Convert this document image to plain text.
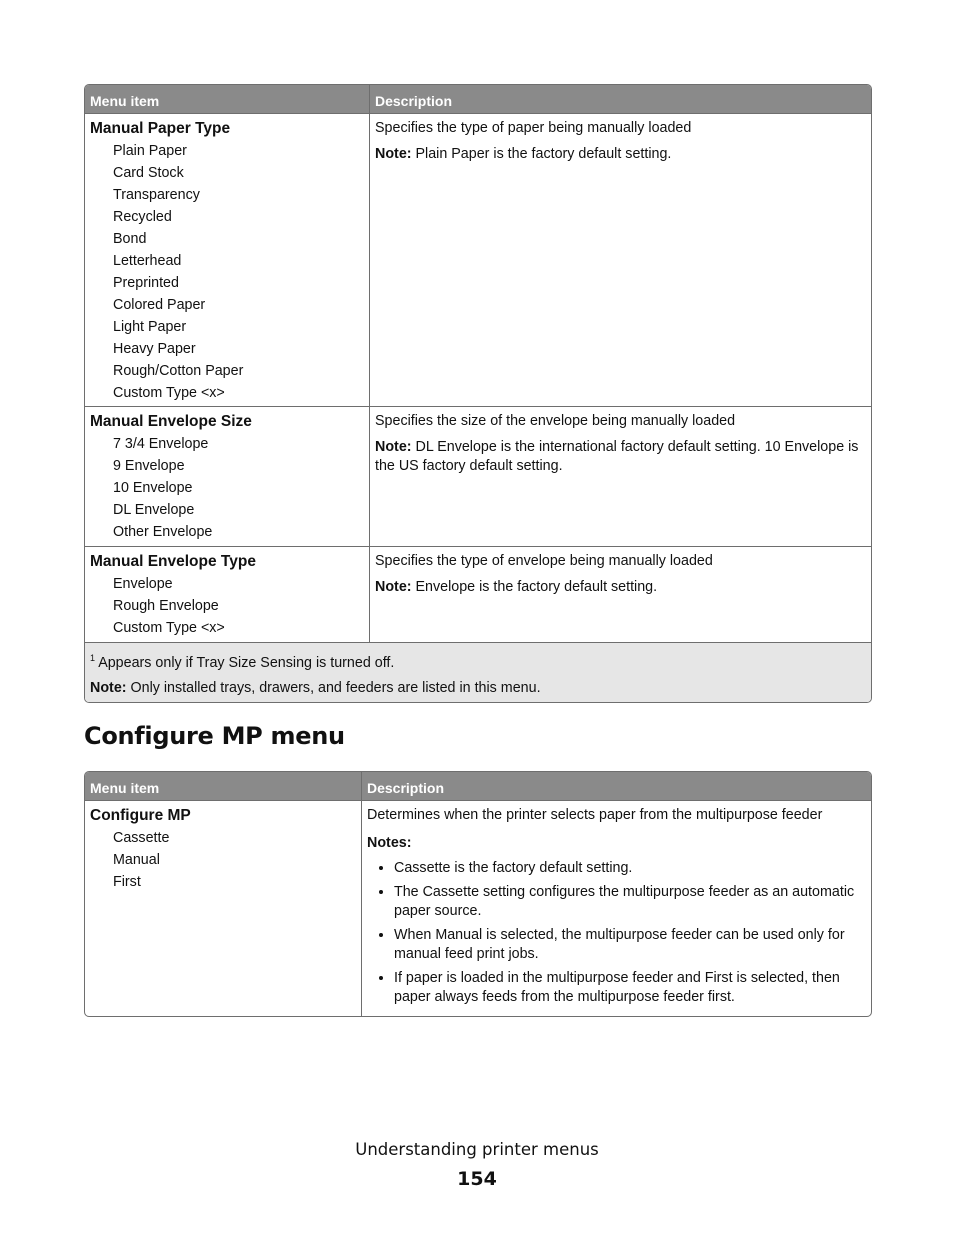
Menu item	Description
Manual Paper Type
Plain Paper
Card Stock
Transparency
Recycled
Bond
Letterhead
Preprinted
Colored Paper
Light Paper
Heavy Paper
Rough/Cotton Paper
Custom Type <x>
Specifies the type of paper being manually loaded
Note: Plain Paper is the factory default setting.
Manual Envelope Size
7 3/4 Envelope
9 Envelope
10 Envelope
DL Envelope
Other Envelope
Specifies the size of the envelope being manually loaded
Note: DL Envelope is the international factory default setting. 10 Envelope is the US factory default setting.
Manual Envelope Type
Envelope
Rough Envelope
Custom Type <x>
Specifies the type of envelope being manually loaded
Note: Envelope is the factory default setting.

$^1$ Appears only if Tray Size Sensing is turned off.

Note: Only installed trays, drawers, and feeders are listed in this menu.

Configure MP menu
Menu item	Description
Configure MP
Cassette
Manual
First
Determines when the printer selects paper from the multipurpose feeder
Notes:
• Cassette is the factory default setting.
• The Cassette setting configures the multipurpose feeder as an automatic paper source.
• When Manual is selected, the multipurpose feeder can be used only for manual feed print jobs.
• If paper is loaded in the multipurpose feeder and First is selected, then paper always feeds from the multipurpose feeder first.
Understanding printer menus
154
